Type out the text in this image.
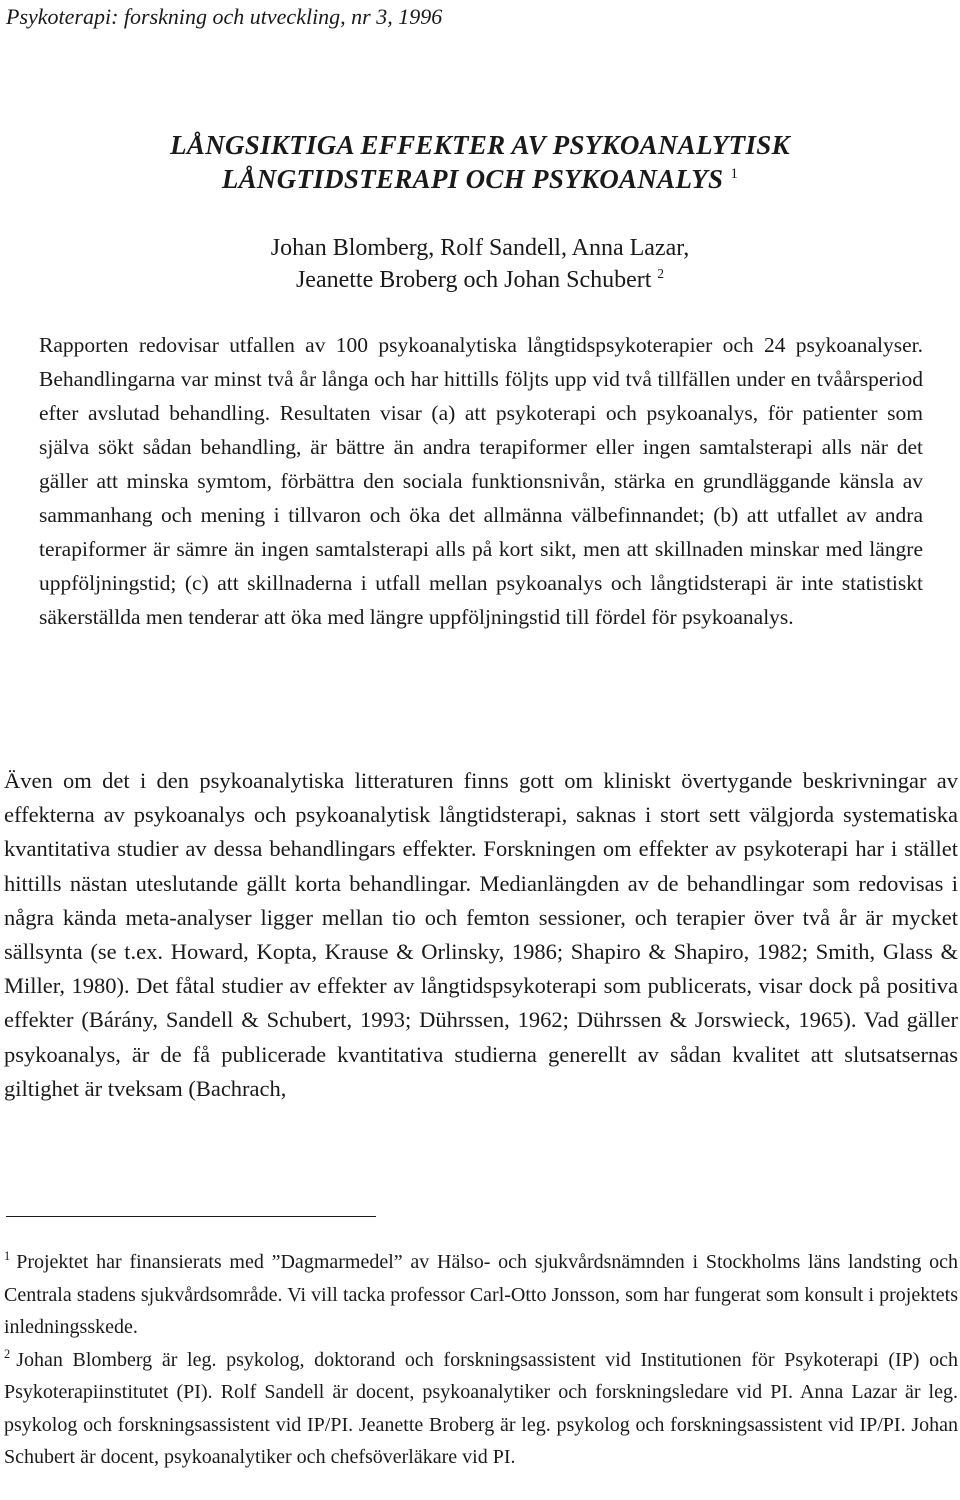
Psykoterapi: forskning och utveckling, nr 3, 1996
LÅNGSIKTIGA EFFEKTER AV PSYKOANALYTISK
LÅNGTIDSTERAPI OCH PSYKOANALYS $^1$
Johan Blomberg, Rolf Sandell, Anna Lazar,
Jeanette Broberg och Johan Schubert $^2$

Rapporten redovisar utfallen av 100 psykoanalytiska långtidspsykoterapier och 24 psykoanalyser. Behandlingarna var minst två år långa och har hittills följts upp vid två tillfällen under en tvåårsperiod efter avslutad behandling. Resultaten visar (a) att psykoterapi och psykoanalys, för patienter som själva sökt sådan behandling, är bättre än andra terapiformer eller ingen samtalsterapi alls när det gäller att minska symtom, förbättra den sociala funktionsnivån, stärka en grundläggande känsla av sammanhang och mening i tillvaron och öka det allmänna välbefinnandet; (b) att utfallet av andra terapiformer är sämre än ingen samtalsterapi alls på kort sikt, men att skillnaden minskar med längre uppföljningstid; (c) att skillnaderna i utfall mellan psykoanalys och långtidsterapi är inte statistiskt säkerställda men tenderar att öka med längre uppföljningstid till fördel för psykoanalys.

Även om det i den psykoanalytiska litteraturen finns gott om kliniskt övertygande beskrivningar av effekterna av psykoanalys och psykoanalytisk långtidsterapi, saknas i stort sett välgjorda systematiska kvantitativa studier av dessa behandlingars effekter. Forskningen om effekter av psykoterapi har i stället hittills nästan uteslutande gällt korta behandlingar. Medianlängden av de behandlingar som redovisas i några kända meta-analyser ligger mellan tio och femton sessioner, och terapier över två år är mycket sällsynta (se t.ex. Howard, Kopta, Krause & Orlinsky, 1986; Shapiro & Shapiro, 1982; Smith, Glass & Miller, 1980). Det fåtal studier av effekter av långtidspsykoterapi som publicerats, visar dock på positiva effekter (Bárány, Sandell & Schubert, 1993; Dührssen, 1962; Dührssen & Jorswieck, 1965). Vad gäller psykoanalys, är de få publicerade kvantitativa studierna generellt av sådan kvalitet att slutsatsernas giltighet är tveksam (Bachrach,

$^1$ Projektet har finansierats med ”Dagmarmedel” av Hälso- och sjukvårdsnämnden i Stockholms läns landsting och Centrala stadens sjukvårdsområde. Vi vill tacka professor Carl-Otto Jonsson, som har fungerat som konsult i projektets inledningsskede.

$^2$ Johan Blomberg är leg. psykolog, doktorand och forskningsassistent vid Institutionen för Psykoterapi (IP) och Psykoterapiinstitutet (PI). Rolf Sandell är docent, psykoanalytiker och forskningsledare vid PI. Anna Lazar är leg. psykolog och forskningsassistent vid IP/PI. Jeanette Broberg är leg. psykolog och forskningsassistent vid IP/PI. Johan Schubert är docent, psykoanalytiker och chefsöverläkare vid PI.
